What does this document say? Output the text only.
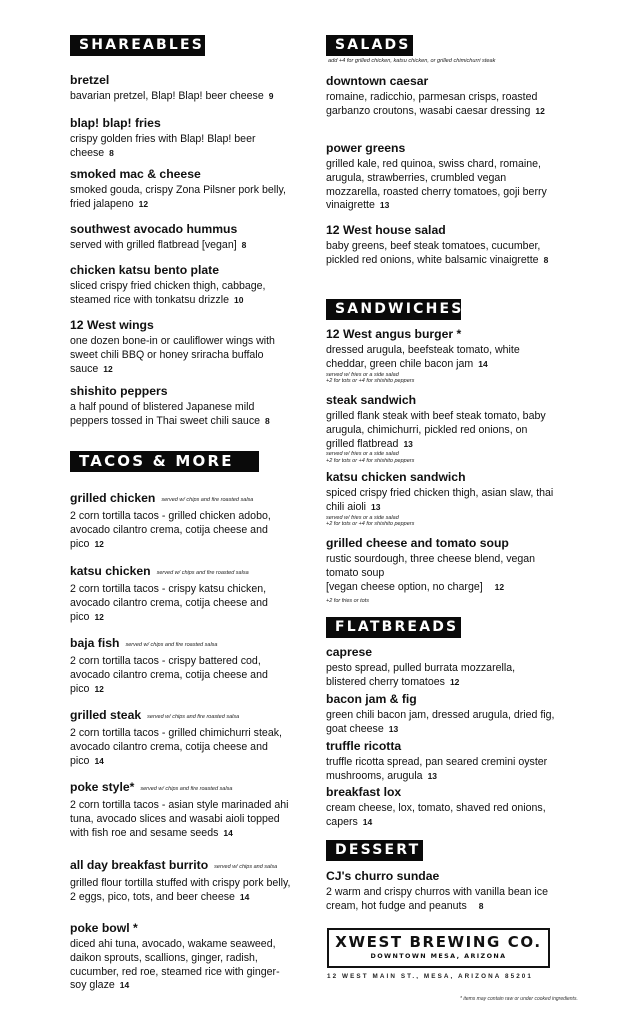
SHAREABLES
bretzel
bavarian pretzel, Blap! Blap! beer cheese 9
blap! blap! fries
crispy golden fries with Blap! Blap! beer cheese 8
smoked mac & cheese
smoked gouda, crispy Zona Pilsner pork belly, fried jalapeno 12
southwest avocado hummus
served with grilled flatbread [vegan] 8
chicken katsu bento plate
sliced crispy fried chicken thigh, cabbage, steamed rice with tonkatsu drizzle 10
12 West wings
one dozen bone-in or cauliflower wings with sweet chili BBQ or honey sriracha buffalo sauce 12
shishito peppers
a half pound of blistered Japanese mild peppers tossed in Thai sweet chili sauce 8
TACOS & MORE
grilled chicken served w/ chips and fire roasted salsa
2 corn tortilla tacos - grilled chicken adobo, avocado cilantro crema, cotija cheese and pico 12
katsu chicken served w/ chips and fire roasted salsa
2 corn tortilla tacos - crispy katsu chicken, avocado cilantro crema, cotija cheese and pico 12
baja fish served w/ chips and fire roasted salsa
2 corn tortilla tacos - crispy battered cod, avocado cilantro crema, cotija cheese and pico 12
grilled steak served w/ chips and fire roasted salsa
2 corn tortilla tacos - grilled chimichurri steak, avocado cilantro crema, cotija cheese and pico 14
poke style* served w/ chips and fire roasted salsa
2 corn tortilla tacos - asian style marinaded ahi tuna, avocado slices and wasabi aioli topped with fish roe and sesame seeds 14
all day breakfast burrito served w/ chips and salsa
grilled flour tortilla stuffed with crispy pork belly, 2 eggs, pico, tots, and beer cheese 14
poke bowl *
diced ahi tuna, avocado, wakame seaweed, daikon sprouts, scallions, ginger, radish, cucumber, red roe, steamed rice with ginger-soy glaze 14
SALADS
add +4 for grilled chicken, katsu chicken, or grilled chimichurri steak
downtown caesar
romaine, radicchio, parmesan crisps, roasted garbanzo croutons, wasabi caesar dressing 12
power greens
grilled kale, red quinoa, swiss chard, romaine, arugula, strawberries, crumbled vegan mozzarella, roasted cherry tomatoes, goji berry vinaigrette 13
12 West house salad
baby greens, beef steak tomatoes, cucumber, pickled red onions, white balsamic vinaigrette 8
SANDWICHES
12 West angus burger *
dressed arugula, beefsteak tomato, white cheddar, green chile bacon jam 14
served w/ fries or a side salad
+2 for tots or +4 for shishito peppers
steak sandwich
grilled flank steak with beef steak tomato, baby arugula, chimichurri, pickled red onions, on grilled flatbread 13
served w/ fries or a side salad
+2 for tots or +4 for shishito peppers
katsu chicken sandwich
spiced crispy fried chicken thigh, asian slaw, thai chili aioli 13
served w/ fries or a side salad
+2 for tots or +4 for shishito peppers
grilled cheese and tomato soup
rustic sourdough, three cheese blend, vegan tomato soup
[vegan cheese option, no charge] 12
+2 for fries or tots
FLATBREADS
caprese
pesto spread, pulled burrata mozzarella, blistered cherry tomatoes 12
bacon jam & fig
green chili bacon jam, dressed arugula, dried fig, goat cheese 13
truffle ricotta
truffle ricotta spread, pan seared cremini oyster mushrooms, arugula 13
breakfast lox
cream cheese, lox, tomato, shaved red onions, capers 14
DESSERT
CJ's churro sundae
2 warm and crispy churros with vanilla bean ice cream, hot fudge and peanuts 8
XWEST BREWING CO.
DOWNTOWN MESA, ARIZONA
12 WEST MAIN ST., MESA, ARIZONA 85201
* items may contain raw or under cooked ingredients.
